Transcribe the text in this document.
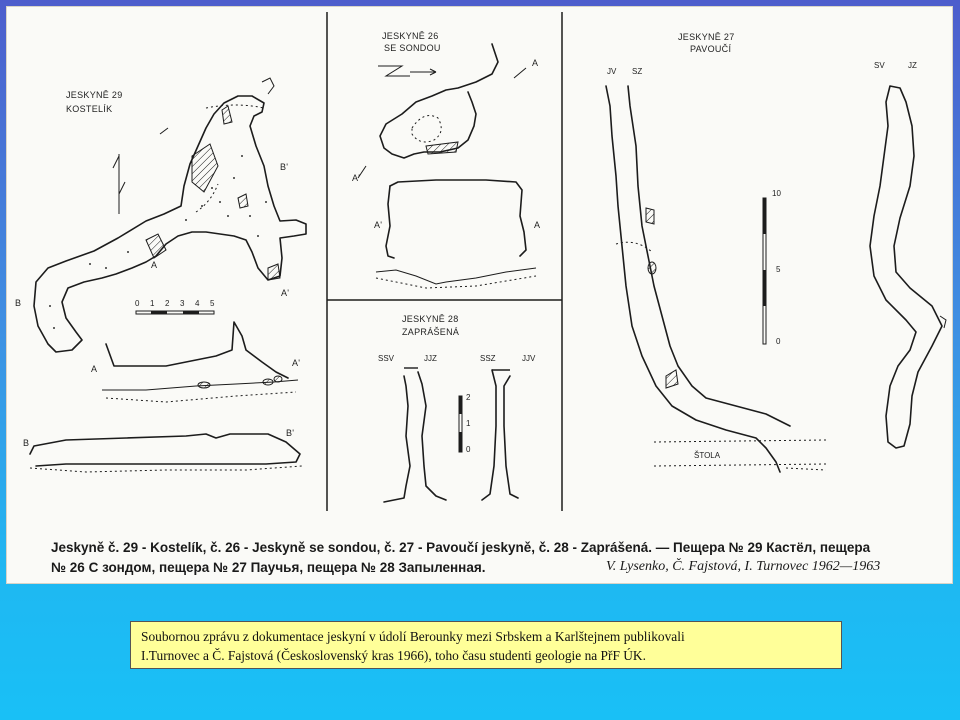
JESKYNĚ 29
KOSTELÍK
A
B'
A'
B	0 1 2 3 4 5
A
A'
B
B'
JESKYNĚ 26
SE SONDOU
A
A'
A'	A
JESKYNĚ 28
ZAPRÁŠENÁ
SSV	JJZ	SSZ	JJV
2
1
0
JESKYNĚ 27
PAVOUČÍ
JV SZ
ŠTOLA
10
5
0
SV	JZ
Jeskyně č. 29 - Kostelík, č. 26 - Jeskyně se sondou, č. 27 - Pavoučí jeskyně, č. 28 - Zaprášená. — Пещера № 29 Кастёл, пещера
№ 26 С зондом, пещера № 27 Паучья, пещера № 28 Запыленная.	V. Lysenko, Č. Fajstová, I. Turnovec 1962—1963
Soubornou zprávu z dokumentace jeskyní v údolí Berounky mezi Srbskem a Karlštejnem publikovali
I.Turnovec a Č. Fajstová (Československý kras 1966), toho času studenti geologie na PřF ÚK.
